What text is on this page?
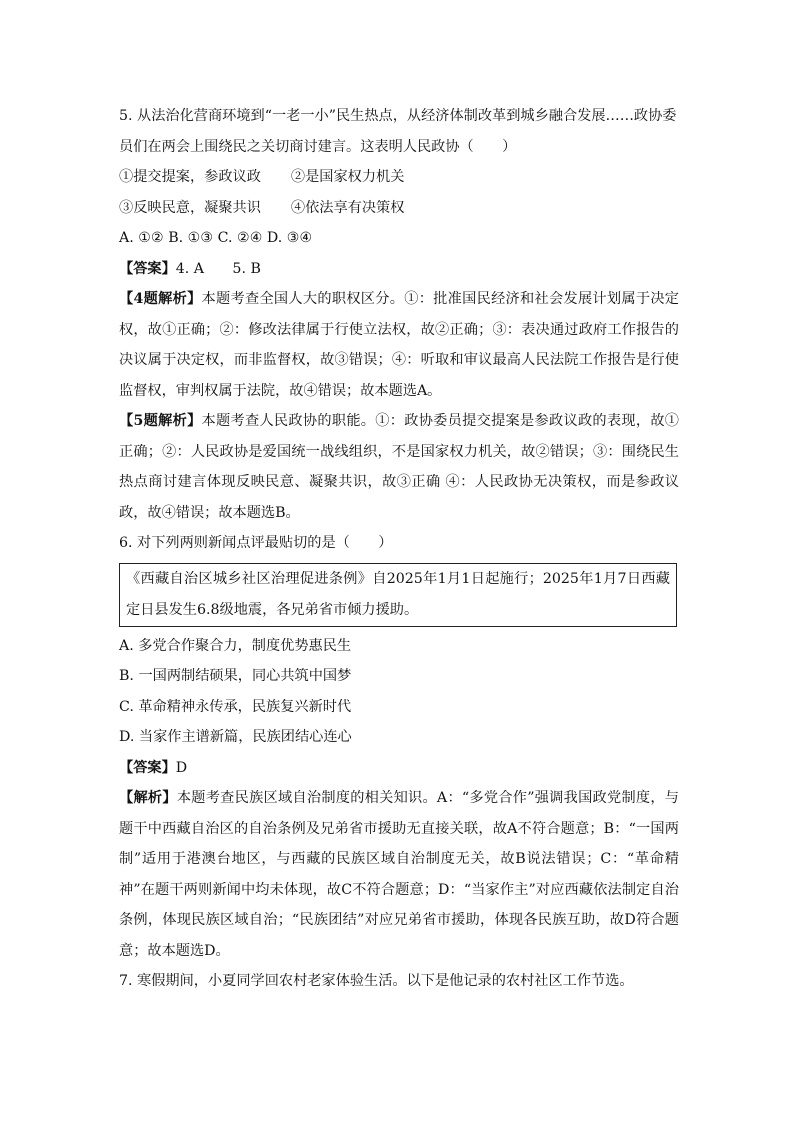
5. 从法治化营商环境到“一老一小”民生热点，从经济体制改革到城乡融合发展……政协委
员们在两会上围绕民之关切商讨建言。这表明人民政协（　　）
①提交提案，参政议政 ②是国家权力机关
③反映民意，凝聚共识 ④依法享有决策权
A. ①② B. ①③ C. ②④ D. ③④
【答案】4. A　　5. B
【4题解析】本题考查全国人大的职权区分。①：批准国民经济和社会发展计划属于决定权，故①正确；②：修改法律属于行使立法权，故②正确；③：表决通过政府工作报告的决议属于决定权，而非监督权，故③错误；④：听取和审议最高人民法院工作报告是行使监督权，审判权属于法院，故④错误；故本题选A。
【5题解析】本题考查人民政协的职能。①：政协委员提交提案是参政议政的表现，故①正确；②：人民政协是爱国统一战线组织，不是国家权力机关，故②错误；③：围绕民生热点商讨建言体现反映民意、凝聚共识，故③正确 ④：人民政协无决策权，而是参政议政，故④错误；故本题选B。
6. 对下列两则新闻点评最贴切的是（　　）
《西藏自治区城乡社区治理促进条例》自2025年1月1日起施行；2025年1月7日西藏定日县发生6.8级地震，各兄弟省市倾力援助。
A. 多党合作聚合力，制度优势惠民生
B. 一国两制结硕果，同心共筑中国梦
C. 革命精神永传承，民族复兴新时代
D. 当家作主谱新篇，民族团结心连心
【答案】D
【解析】本题考查民族区域自治制度的相关知识。A：“多党合作”强调我国政党制度，与题干中西藏自治区的自治条例及兄弟省市援助无直接关联，故A不符合题意；B：“一国两制”适用于港澳台地区，与西藏的民族区域自治制度无关，故B说法错误；C：“革命精神”在题干两则新闻中均未体现，故C不符合题意；D：“当家作主”对应西藏依法制定自治条例，体现民族区域自治；“民族团结”对应兄弟省市援助，体现各民族互助，故D符合题意；故本题选D。
7. 寒假期间，小夏同学回农村老家体验生活。以下是他记录的农村社区工作节选。
